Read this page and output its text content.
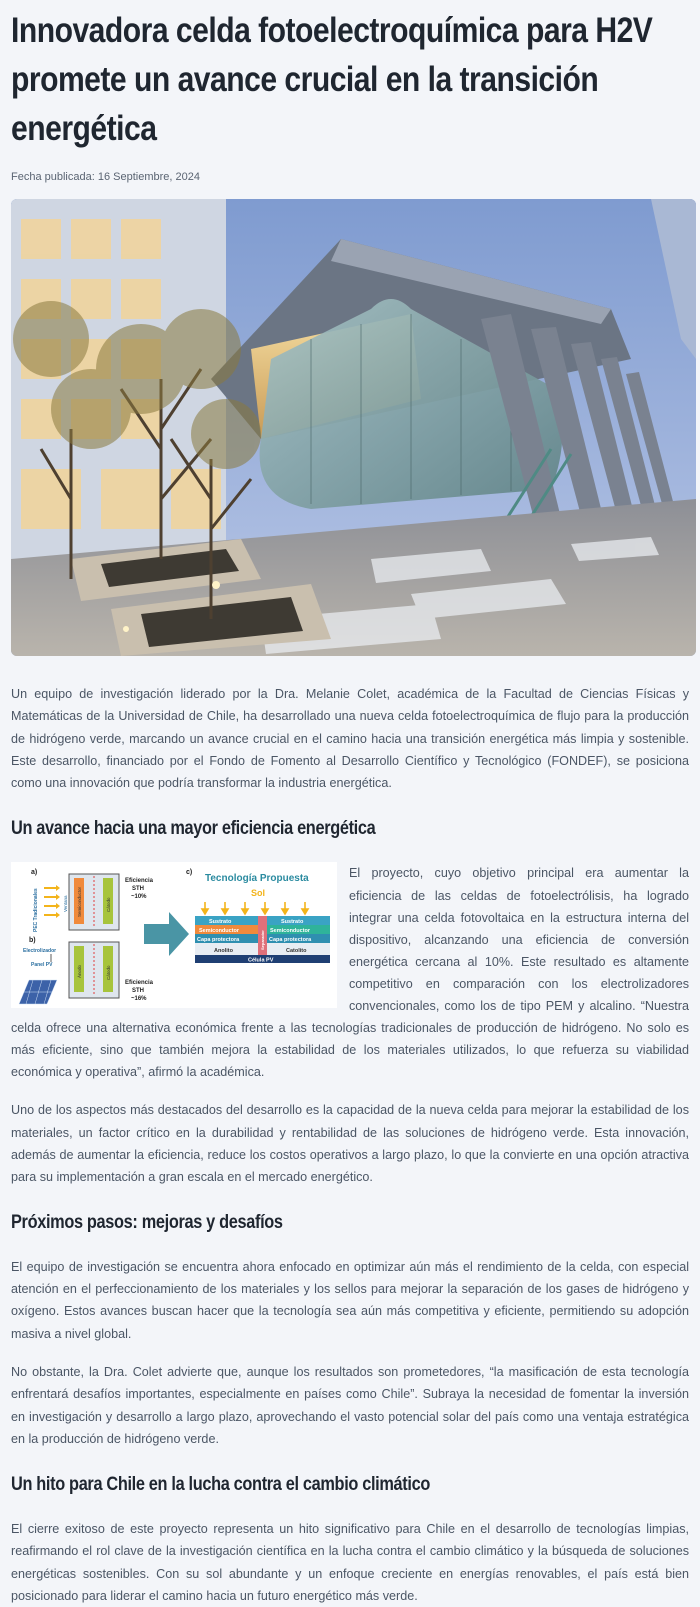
Innovadora celda fotoelectroquímica para H2V promete un avance crucial en la transición energética
Fecha publicada: 16 Septiembre, 2024

Un equipo de investigación liderado por la Dra. Melanie Colet, académica de la Facultad de Ciencias Físicas y Matemáticas de la Universidad de Chile, ha desarrollado una nueva celda fotoelectroquímica de flujo para la producción de hidrógeno verde, marcando un avance crucial en el camino hacia una transición energética más limpia y sostenible. Este desarrollo, financiado por el Fondo de Fomento al Desarrollo Científico y Tecnológico (FONDEF), se posiciona como una innovación que podría transformar la industria energética.

Un avance hacia una mayor eficiencia energética
a)
PEC Tradicionales	Ventana Semiconductor	Cátodo
Eficiencia
STH
~10%
b)
Electrolizador
Panel PV	Ánodo	Cátodo
Eficiencia
STH
~16%
c)
Tecnología Propuesta
Sol
Sustrato
Semiconductor
Capa protectora
Anolito
Separador
Sustrato
Semiconductor
Capa protectora
Catolito
Célula PV

El proyecto, cuyo objetivo principal era aumentar la eficiencia de las celdas de fotoelectrólisis, ha logrado integrar una celda fotovoltaica en la estructura interna del dispositivo, alcanzando una eficiencia de conversión energética cercana al 10%. Este resultado es altamente competitivo en comparación con los electrolizadores convencionales, como los de tipo PEM y alcalino. “Nuestra celda ofrece una alternativa económica frente a las tecnologías tradicionales de producción de hidrógeno. No solo es más eficiente, sino que también mejora la estabilidad de los materiales utilizados, lo que refuerza su viabilidad económica y operativa”, afirmó la académica.

Uno de los aspectos más destacados del desarrollo es la capacidad de la nueva celda para mejorar la estabilidad de los materiales, un factor crítico en la durabilidad y rentabilidad de las soluciones de hidrógeno verde. Esta innovación, además de aumentar la eficiencia, reduce los costos operativos a largo plazo, lo que la convierte en una opción atractiva para su implementación a gran escala en el mercado energético.

Próximos pasos: mejoras y desafíos

El equipo de investigación se encuentra ahora enfocado en optimizar aún más el rendimiento de la celda, con especial atención en el perfeccionamiento de los materiales y los sellos para mejorar la separación de los gases de hidrógeno y oxígeno. Estos avances buscan hacer que la tecnología sea aún más competitiva y eficiente, permitiendo su adopción masiva a nivel global.

No obstante, la Dra. Colet advierte que, aunque los resultados son prometedores, “la masificación de esta tecnología enfrentará desafíos importantes, especialmente en países como Chile”. Subraya la necesidad de fomentar la inversión en investigación y desarrollo a largo plazo, aprovechando el vasto potencial solar del país como una ventaja estratégica en la producción de hidrógeno verde.

Un hito para Chile en la lucha contra el cambio climático

El cierre exitoso de este proyecto representa un hito significativo para Chile en el desarrollo de tecnologías limpias, reafirmando el rol clave de la investigación científica en la lucha contra el cambio climático y la búsqueda de soluciones energéticas sostenibles. Con su sol abundante y un enfoque creciente en energías renovables, el país está bien posicionado para liderar el camino hacia un futuro energético más verde.
